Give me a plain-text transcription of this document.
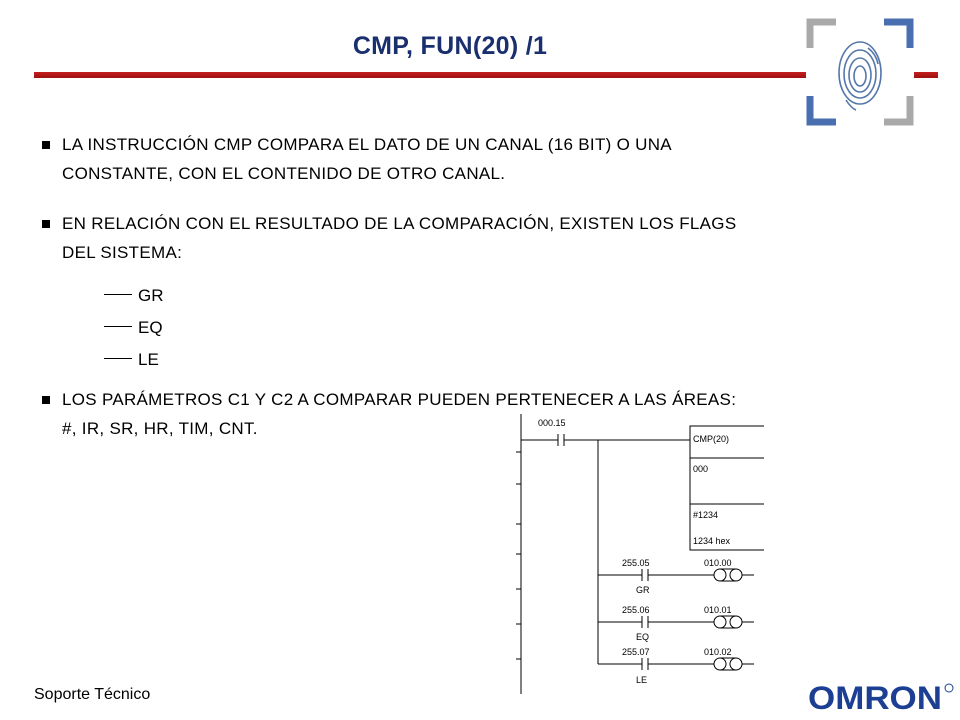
CMP, FUN(20) /1
LA INSTRUCCIÓN CMP COMPARA EL DATO DE UN CANAL (16 BIT) O UNA
CONSTANTE, CON EL CONTENIDO DE OTRO CANAL.
EN RELACIÓN CON EL RESULTADO DE LA COMPARACIÓN, EXISTEN LOS FLAGS
DEL SISTEMA:
GR
EQ
LE
LOS PARÁMETROS C1 Y C2 A COMPARAR PUEDEN PERTENECER A LAS ÁREAS:
#, IR, SR, HR, TIM, CNT.	000.15
CMP(20)
000
#1234
1234 hex
255.05
GR
010.00
255.06
EQ
010.01
255.07
LE
010.02
Soporte Técnico	OMRON
